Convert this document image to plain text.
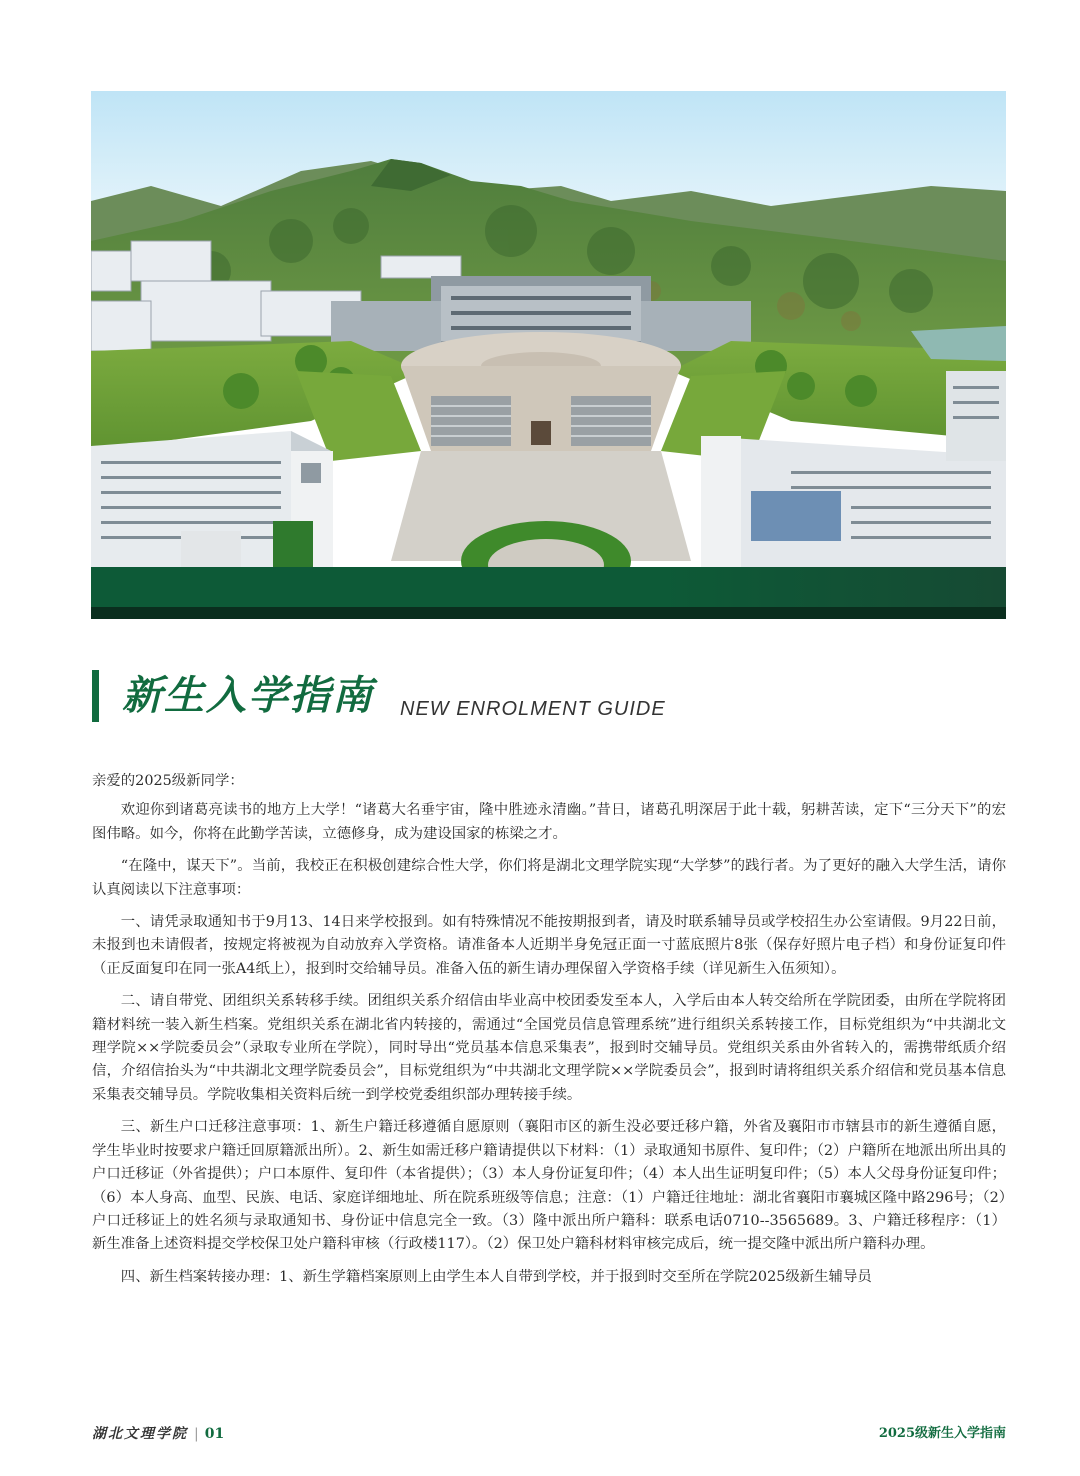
新生入学指南 NEW ENROLMENT GUIDE

亲爱的2025级新同学：

欢迎你到诸葛亮读书的地方上大学！“诸葛大名垂宇宙，隆中胜迹永清幽。”昔日，诸葛孔明深居于此十载，躬耕苦读，定下“三分天下”的宏图伟略。如今，你将在此勤学苦读，立德修身，成为建设国家的栋梁之才。

“在隆中，谋天下”。当前，我校正在积极创建综合性大学，你们将是湖北文理学院实现“大学梦”的践行者。为了更好的融入大学生活，请你认真阅读以下注意事项：

一、请凭录取通知书于9月13、14日来学校报到。如有特殊情况不能按期报到者，请及时联系辅导员或学校招生办公室请假。9月22日前，未报到也未请假者，按规定将被视为自动放弃入学资格。请准备本人近期半身免冠正面一寸蓝底照片8张（保存好照片电子档）和身份证复印件（正反面复印在同一张A4纸上），报到时交给辅导员。准备入伍的新生请办理保留入学资格手续（详见新生入伍须知）。

二、请自带党、团组织关系转移手续。团组织关系介绍信由毕业高中校团委发至本人，入学后由本人转交给所在学院团委，由所在学院将团籍材料统一装入新生档案。党组织关系在湖北省内转接的，需通过“全国党员信息管理系统”进行组织关系转接工作，目标党组织为“中共湖北文理学院××学院委员会”（录取专业所在学院），同时导出“党员基本信息采集表”，报到时交辅导员。党组织关系由外省转入的，需携带纸质介绍信，介绍信抬头为“中共湖北文理学院委员会”，目标党组织为“中共湖北文理学院××学院委员会”，报到时请将组织关系介绍信和党员基本信息采集表交辅导员。学院收集相关资料后统一到学校党委组织部办理转接手续。

三、新生户口迁移注意事项：1、新生户籍迁移遵循自愿原则（襄阳市区的新生没必要迁移户籍，外省及襄阳市市辖县市的新生遵循自愿，学生毕业时按要求户籍迁回原籍派出所）。2、新生如需迁移户籍请提供以下材料：（1）录取通知书原件、复印件；（2）户籍所在地派出所出具的户口迁移证（外省提供）；户口本原件、复印件（本省提供）；（3）本人身份证复印件；（4）本人出生证明复印件；（5）本人父母身份证复印件；（6）本人身高、血型、民族、电话、家庭详细地址、所在院系班级等信息；注意：（1）户籍迁往地址：湖北省襄阳市襄城区隆中路296号；（2）户口迁移证上的姓名须与录取通知书、身份证中信息完全一致。（3）隆中派出所户籍科：联系电话0710--3565689。3、户籍迁移程序：（1）新生准备上述资料提交学校保卫处户籍科审核（行政楼117）。（2）保卫处户籍科材料审核完成后，统一提交隆中派出所户籍科办理。

四、新生档案转接办理：1、新生学籍档案原则上由学生本人自带到学校，并于报到时交至所在学院2025级新生辅导员

湖北文理学院 | 01	2025级新生入学指南
